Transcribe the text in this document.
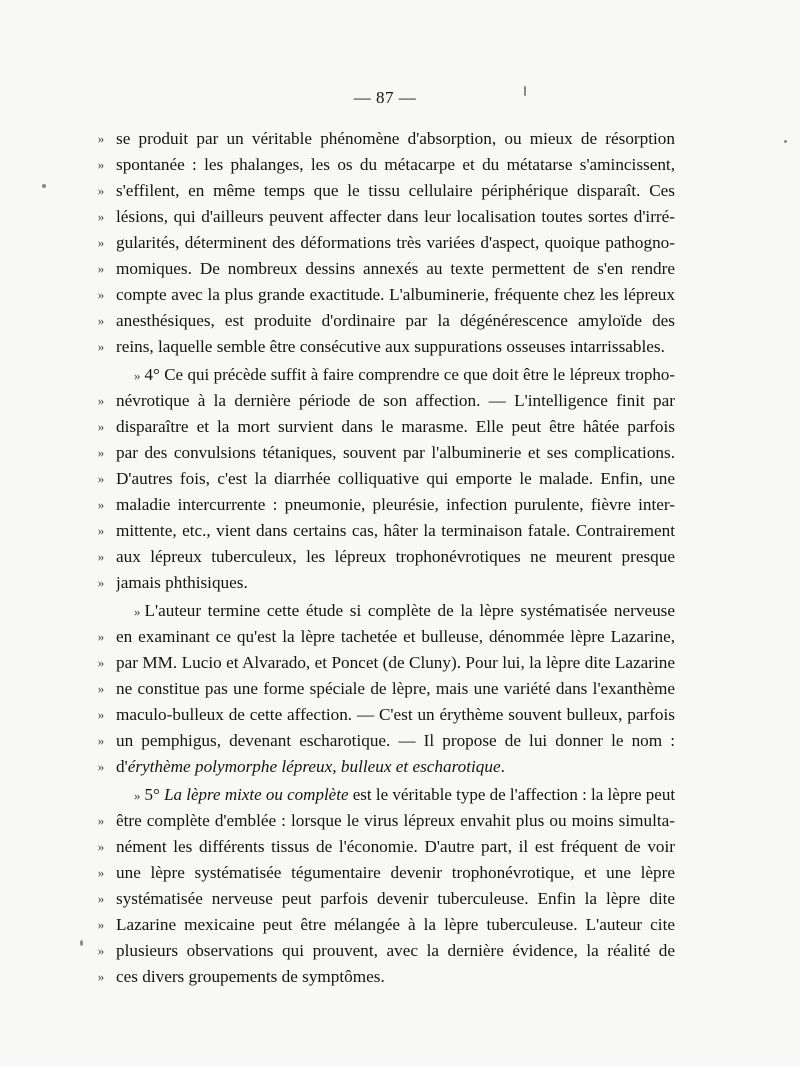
— 87 —
» se produit par un véritable phénomène d'absorption, ou mieux de résorption
» spontanée : les phalanges, les os du métacarpe et du métatarse s'amincissent,
» s'effilent, en même temps que le tissu cellulaire périphérique disparaît. Ces
» lésions, qui d'ailleurs peuvent affecter dans leur localisation toutes sortes d'irré-
» gularités, déterminent des déformations très variées d'aspect, quoique pathogno-
» momiques. De nombreux dessins annexés au texte permettent de s'en rendre
» compte avec la plus grande exactitude. L'albuminerie, fréquente chez les lépreux
» anesthésiques, est produite d'ordinaire par la dégénérescence amyloïde des
» reins, laquelle semble être consécutive aux suppurations osseuses intarrissables.
» 4° Ce qui précède suffit à faire comprendre ce que doit être le lépreux tropho-
» névrotique à la dernière période de son affection. — L'intelligence finit par
» disparaître et la mort survient dans le marasme. Elle peut être hâtée parfois
» par des convulsions tétaniques, souvent par l'albuminerie et ses complications.
» D'autres fois, c'est la diarrhée colliquative qui emporte le malade. Enfin, une
» maladie intercurrente : pneumonie, pleurésie, infection purulente, fièvre inter-
» mittente, etc., vient dans certains cas, hâter la terminaison fatale. Contrairement
» aux lépreux tuberculeux, les lépreux trophonévrotiques ne meurent presque
» jamais phthisiques.
» L'auteur termine cette étude si complète de la lèpre systématisée nerveuse
» en examinant ce qu'est la lèpre tachetée et bulleuse, dénommée lèpre Lazarine,
» par MM. Lucio et Alvarado, et Poncet (de Cluny). Pour lui, la lèpre dite Lazarine
» ne constitue pas une forme spéciale de lèpre, mais une variété dans l'exanthème
» maculo-bulleux de cette affection. — C'est un érythème souvent bulleux, parfois
» un pemphigus, devenant escharotique. — Il propose de lui donner le nom :
» d'érythème polymorphe lépreux, bulleux et escharotique.
» 5° La lèpre mixte ou complète est le véritable type de l'affection : la lèpre peut
» être complète d'emblée : lorsque le virus lépreux envahit plus ou moins simulta-
» nément les différents tissus de l'économie. D'autre part, il est fréquent de voir
» une lèpre systématisée tégumentaire devenir trophonévrotique, et une lèpre
» systématisée nerveuse peut parfois devenir tuberculeuse. Enfin la lèpre dite
» Lazarine mexicaine peut être mélangée à la lèpre tuberculeuse. L'auteur cite
» plusieurs observations qui prouvent, avec la dernière évidence, la réalité de
» ces divers groupements de symptômes.
